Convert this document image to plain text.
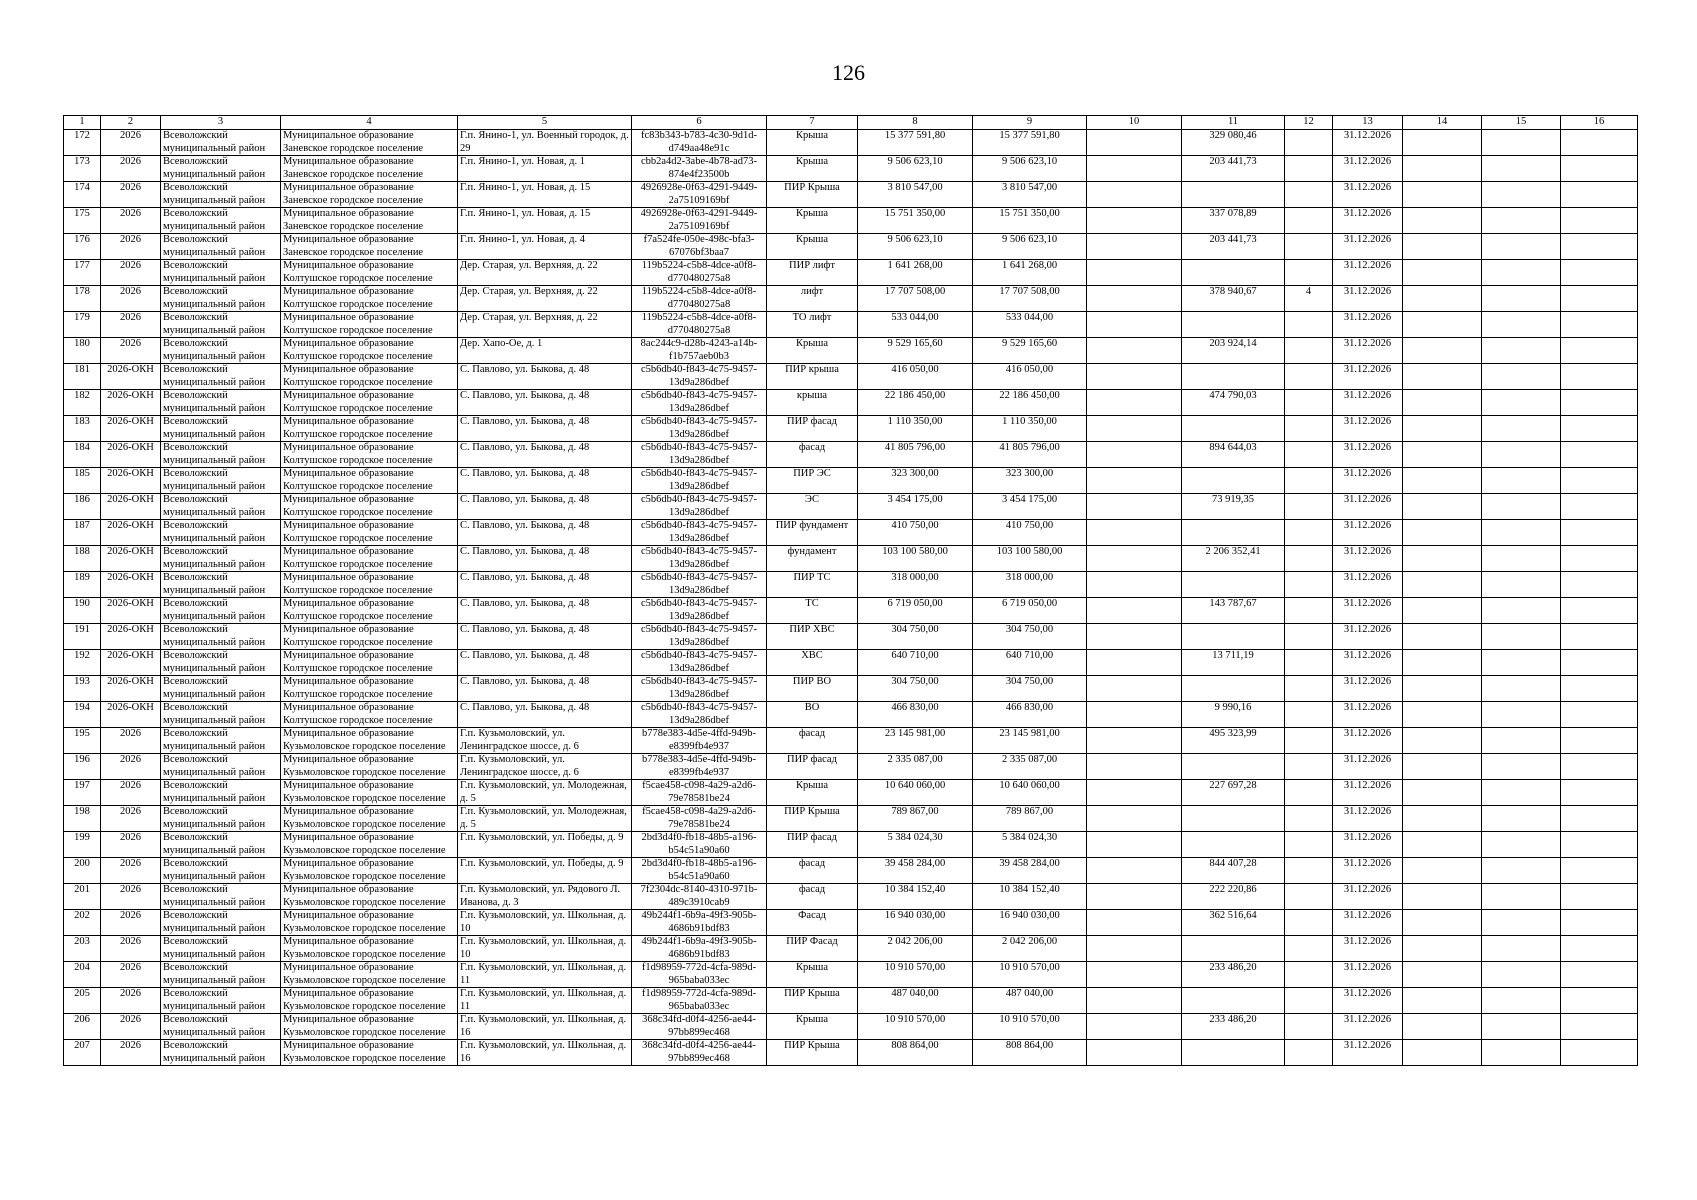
126
1	2	3	4	5	6	7	8	9	10	11	12	13	14	15	16
172	2026	Всеволожский муниципальный район	Муниципальное образование Заневское городское поселение	Г.п. Янино-1, ул. Военный городок, д. 29	fc83b343-b783-4c30-9d1d-d749aa48e91c	Крыша	15 377 591,80	15 377 591,80		329 080,46		31.12.2026			
173	2026	Всеволожский муниципальный район	Муниципальное образование Заневское городское поселение	Г.п. Янино-1, ул. Новая, д. 1	cbb2a4d2-3abe-4b78-ad73-874e4f23500b	Крыша	9 506 623,10	9 506 623,10		203 441,73		31.12.2026			
174	2026	Всеволожский муниципальный район	Муниципальное образование Заневское городское поселение	Г.п. Янино-1, ул. Новая, д. 15	4926928e-0f63-4291-9449-2a75109169bf	ПИР Крыша	3 810 547,00	3 810 547,00				31.12.2026			
175	2026	Всеволожский муниципальный район	Муниципальное образование Заневское городское поселение	Г.п. Янино-1, ул. Новая, д. 15	4926928e-0f63-4291-9449-2a75109169bf	Крыша	15 751 350,00	15 751 350,00		337 078,89		31.12.2026			
176	2026	Всеволожский муниципальный район	Муниципальное образование Заневское городское поселение	Г.п. Янино-1, ул. Новая, д. 4	f7a524fe-050e-498c-bfa3-67076bf3baa7	Крыша	9 506 623,10	9 506 623,10		203 441,73		31.12.2026			
177	2026	Всеволожский муниципальный район	Муниципальное образование Колтушское городское поселение	Дер. Старая, ул. Верхняя, д. 22	119b5224-c5b8-4dce-a0f8-d770480275a8	ПИР лифт	1 641 268,00	1 641 268,00				31.12.2026			
178	2026	Всеволожский муниципальный район	Муниципальное образование Колтушское городское поселение	Дер. Старая, ул. Верхняя, д. 22	119b5224-c5b8-4dce-a0f8-d770480275a8	лифт	17 707 508,00	17 707 508,00		378 940,67	4	31.12.2026			
179	2026	Всеволожский муниципальный район	Муниципальное образование Колтушское городское поселение	Дер. Старая, ул. Верхняя, д. 22	119b5224-c5b8-4dce-a0f8-d770480275a8	ТО лифт	533 044,00	533 044,00				31.12.2026			
180	2026	Всеволожский муниципальный район	Муниципальное образование Колтушское городское поселение	Дер. Хапо-Ое, д. 1	8ac244c9-d28b-4243-a14b-f1b757aeb0b3	Крыша	9 529 165,60	9 529 165,60		203 924,14		31.12.2026			
181	2026-ОКН	Всеволожский муниципальный район	Муниципальное образование Колтушское городское поселение	С. Павлово, ул. Быкова, д. 48	c5b6db40-f843-4c75-9457-13d9a286dbef	ПИР крыша	416 050,00	416 050,00				31.12.2026			
182	2026-ОКН	Всеволожский муниципальный район	Муниципальное образование Колтушское городское поселение	С. Павлово, ул. Быкова, д. 48	c5b6db40-f843-4c75-9457-13d9a286dbef	крыша	22 186 450,00	22 186 450,00		474 790,03		31.12.2026			
183	2026-ОКН	Всеволожский муниципальный район	Муниципальное образование Колтушское городское поселение	С. Павлово, ул. Быкова, д. 48	c5b6db40-f843-4c75-9457-13d9a286dbef	ПИР фасад	1 110 350,00	1 110 350,00				31.12.2026			
184	2026-ОКН	Всеволожский муниципальный район	Муниципальное образование Колтушское городское поселение	С. Павлово, ул. Быкова, д. 48	c5b6db40-f843-4c75-9457-13d9a286dbef	фасад	41 805 796,00	41 805 796,00		894 644,03		31.12.2026			
185	2026-ОКН	Всеволожский муниципальный район	Муниципальное образование Колтушское городское поселение	С. Павлово, ул. Быкова, д. 48	c5b6db40-f843-4c75-9457-13d9a286dbef	ПИР ЭС	323 300,00	323 300,00				31.12.2026			
186	2026-ОКН	Всеволожский муниципальный район	Муниципальное образование Колтушское городское поселение	С. Павлово, ул. Быкова, д. 48	c5b6db40-f843-4c75-9457-13d9a286dbef	ЭС	3 454 175,00	3 454 175,00		73 919,35		31.12.2026			
187	2026-ОКН	Всеволожский муниципальный район	Муниципальное образование Колтушское городское поселение	С. Павлово, ул. Быкова, д. 48	c5b6db40-f843-4c75-9457-13d9a286dbef	ПИР фундамент	410 750,00	410 750,00				31.12.2026			
188	2026-ОКН	Всеволожский муниципальный район	Муниципальное образование Колтушское городское поселение	С. Павлово, ул. Быкова, д. 48	c5b6db40-f843-4c75-9457-13d9a286dbef	фундамент	103 100 580,00	103 100 580,00		2 206 352,41		31.12.2026			
189	2026-ОКН	Всеволожский муниципальный район	Муниципальное образование Колтушское городское поселение	С. Павлово, ул. Быкова, д. 48	c5b6db40-f843-4c75-9457-13d9a286dbef	ПИР ТС	318 000,00	318 000,00				31.12.2026			
190	2026-ОКН	Всеволожский муниципальный район	Муниципальное образование Колтушское городское поселение	С. Павлово, ул. Быкова, д. 48	c5b6db40-f843-4c75-9457-13d9a286dbef	ТС	6 719 050,00	6 719 050,00		143 787,67		31.12.2026			
191	2026-ОКН	Всеволожский муниципальный район	Муниципальное образование Колтушское городское поселение	С. Павлово, ул. Быкова, д. 48	c5b6db40-f843-4c75-9457-13d9a286dbef	ПИР ХВС	304 750,00	304 750,00				31.12.2026			
192	2026-ОКН	Всеволожский муниципальный район	Муниципальное образование Колтушское городское поселение	С. Павлово, ул. Быкова, д. 48	c5b6db40-f843-4c75-9457-13d9a286dbef	ХВС	640 710,00	640 710,00		13 711,19		31.12.2026			
193	2026-ОКН	Всеволожский муниципальный район	Муниципальное образование Колтушское городское поселение	С. Павлово, ул. Быкова, д. 48	c5b6db40-f843-4c75-9457-13d9a286dbef	ПИР ВО	304 750,00	304 750,00				31.12.2026			
194	2026-ОКН	Всеволожский муниципальный район	Муниципальное образование Колтушское городское поселение	С. Павлово, ул. Быкова, д. 48	c5b6db40-f843-4c75-9457-13d9a286dbef	ВО	466 830,00	466 830,00		9 990,16		31.12.2026			
195	2026	Всеволожский муниципальный район	Муниципальное образование Кузьмоловское городское поселение	Г.п. Кузьмоловский, ул. Ленинградское шоссе, д. 6	b778e383-4d5e-4ffd-949b-e8399fb4e937	фасад	23 145 981,00	23 145 981,00		495 323,99		31.12.2026			
196	2026	Всеволожский муниципальный район	Муниципальное образование Кузьмоловское городское поселение	Г.п. Кузьмоловский, ул. Ленинградское шоссе, д. 6	b778e383-4d5e-4ffd-949b-e8399fb4e937	ПИР фасад	2 335 087,00	2 335 087,00				31.12.2026			
197	2026	Всеволожский муниципальный район	Муниципальное образование Кузьмоловское городское поселение	Г.п. Кузьмоловский, ул. Молодежная, д. 5	f5cae458-c098-4a29-a2d6-79e78581be24	Крыша	10 640 060,00	10 640 060,00		227 697,28		31.12.2026			
198	2026	Всеволожский муниципальный район	Муниципальное образование Кузьмоловское городское поселение	Г.п. Кузьмоловский, ул. Молодежная, д. 5	f5cae458-c098-4a29-a2d6-79e78581be24	ПИР Крыша	789 867,00	789 867,00				31.12.2026			
199	2026	Всеволожский муниципальный район	Муниципальное образование Кузьмоловское городское поселение	Г.п. Кузьмоловский, ул. Победы, д. 9	2bd3d4f0-fb18-48b5-a196-b54c51a90a60	ПИР фасад	5 384 024,30	5 384 024,30				31.12.2026			
200	2026	Всеволожский муниципальный район	Муниципальное образование Кузьмоловское городское поселение	Г.п. Кузьмоловский, ул. Победы, д. 9	2bd3d4f0-fb18-48b5-a196-b54c51a90a60	фасад	39 458 284,00	39 458 284,00		844 407,28		31.12.2026			
201	2026	Всеволожский муниципальный район	Муниципальное образование Кузьмоловское городское поселение	Г.п. Кузьмоловский, ул. Рядового Л. Иванова, д. 3	7f2304dc-8140-4310-971b-489c3910cab9	фасад	10 384 152,40	10 384 152,40		222 220,86		31.12.2026			
202	2026	Всеволожский муниципальный район	Муниципальное образование Кузьмоловское городское поселение	Г.п. Кузьмоловский, ул. Школьная, д. 10	49b244f1-6b9a-49f3-905b-4686b91bdf83	Фасад	16 940 030,00	16 940 030,00		362 516,64		31.12.2026			
203	2026	Всеволожский муниципальный район	Муниципальное образование Кузьмоловское городское поселение	Г.п. Кузьмоловский, ул. Школьная, д. 10	49b244f1-6b9a-49f3-905b-4686b91bdf83	ПИР Фасад	2 042 206,00	2 042 206,00				31.12.2026			
204	2026	Всеволожский муниципальный район	Муниципальное образование Кузьмоловское городское поселение	Г.п. Кузьмоловский, ул. Школьная, д. 11	f1d98959-772d-4cfa-989d-965baba033ec	Крыша	10 910 570,00	10 910 570,00		233 486,20		31.12.2026			
205	2026	Всеволожский муниципальный район	Муниципальное образование Кузьмоловское городское поселение	Г.п. Кузьмоловский, ул. Школьная, д. 11	f1d98959-772d-4cfa-989d-965baba033ec	ПИР Крыша	487 040,00	487 040,00				31.12.2026			
206	2026	Всеволожский муниципальный район	Муниципальное образование Кузьмоловское городское поселение	Г.п. Кузьмоловский, ул. Школьная, д. 16	368c34fd-d0f4-4256-ae44-97bb899ec468	Крыша	10 910 570,00	10 910 570,00		233 486,20		31.12.2026			
207	2026	Всеволожский муниципальный район	Муниципальное образование Кузьмоловское городское поселение	Г.п. Кузьмоловский, ул. Школьная, д. 16	368c34fd-d0f4-4256-ae44-97bb899ec468	ПИР Крыша	808 864,00	808 864,00				31.12.2026			
